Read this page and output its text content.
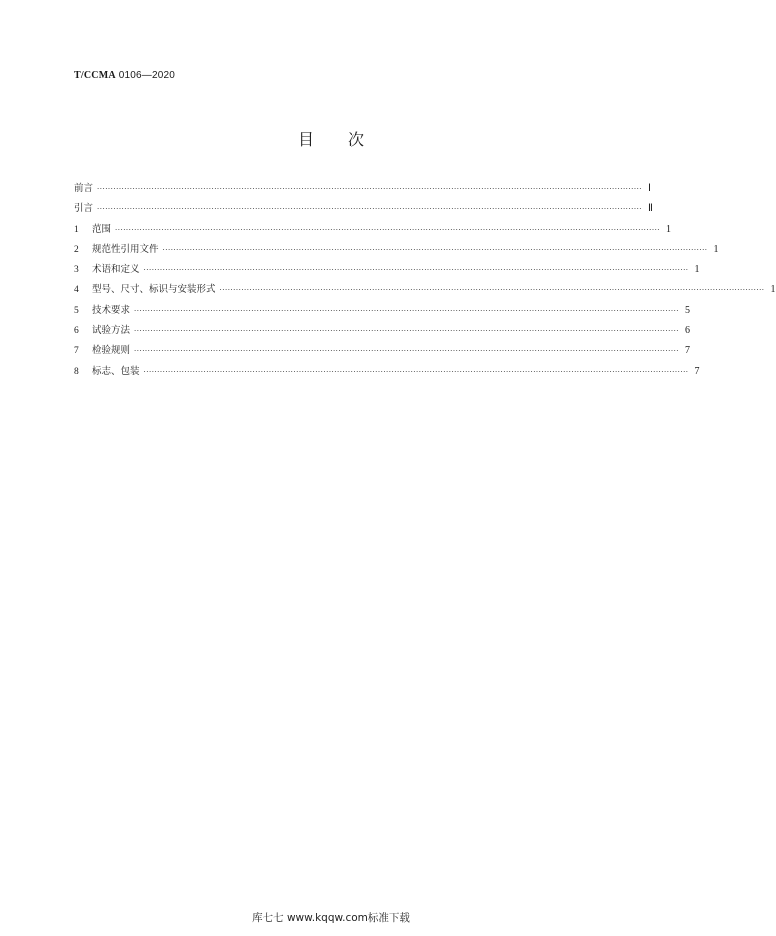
T/CCMA 0106—2020
目次
前言 ········································································································································································································ Ⅰ
引言 ········································································································································································································ Ⅱ
1	范围 ········································································································································································································ 1
2	规范性引用文件 ········································································································································································································ 1
3	术语和定义 ········································································································································································································ 1
4	型号、尺寸、标识与安装形式 ········································································································································································································ 1
5	技术要求 ········································································································································································································ 5
6	试验方法 ········································································································································································································ 6
7	检验规则 ········································································································································································································ 7
8	标志、包装 ········································································································································································································ 7
库七七 www.kqqw.com标准下载
